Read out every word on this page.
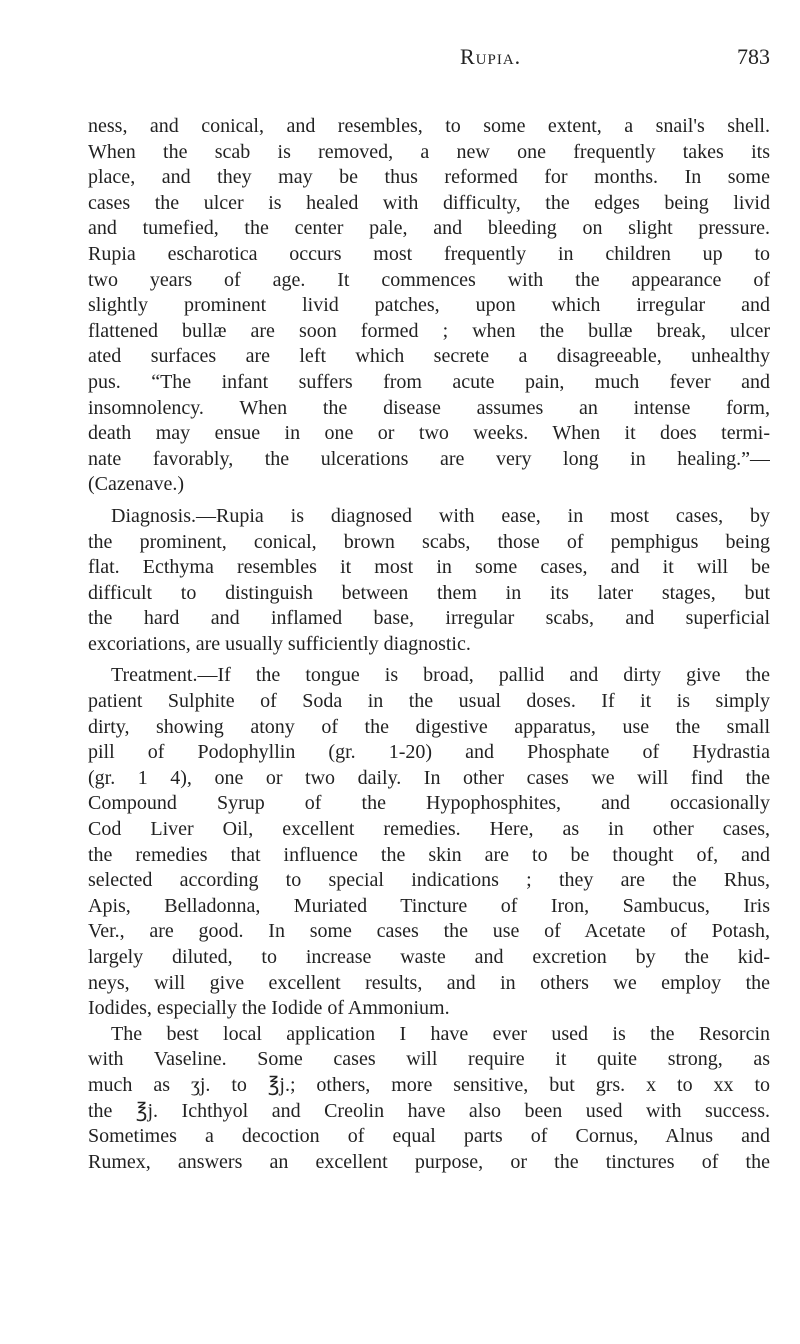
Rupia.	783
ness, and conical, and resembles, to some extent, a snail's shell.
When the scab is removed, a new one frequently takes its
place, and they may be thus reformed for months. In some
cases the ulcer is healed with difficulty, the edges being livid
and tumefied, the center pale, and bleeding on slight pressure.
Rupia escharotica occurs most frequently in children up to
two years of age. It commences with the appearance of
slightly prominent livid patches, upon which irregular and
flattened bullæ are soon formed ; when the bullæ break, ulcer
ated surfaces are left which secrete a disagreeable, unhealthy
pus. “The infant suffers from acute pain, much fever and
insomnolency. When the disease assumes an intense form,
death may ensue in one or two weeks. When it does termi-
nate favorably, the ulcerations are very long in healing.”—
(Cazenave.)
Diagnosis.—Rupia is diagnosed with ease, in most cases, by
the prominent, conical, brown scabs, those of pemphigus being
flat. Ecthyma resembles it most in some cases, and it will be
difficult to distinguish between them in its later stages, but
the hard and inflamed base, irregular scabs, and superficial
excoriations, are usually sufficiently diagnostic.
Treatment.—If the tongue is broad, pallid and dirty give the
patient Sulphite of Soda in the usual doses. If it is simply
dirty, showing atony of the digestive apparatus, use the small
pill of Podophyllin (gr. 1-20) and Phosphate of Hydrastia
(gr. 1 4), one or two daily. In other cases we will find the
Compound Syrup of the Hypophosphites, and occasionally
Cod Liver Oil, excellent remedies. Here, as in other cases,
the remedies that influence the skin are to be thought of, and
selected according to special indications ; they are the Rhus,
Apis, Belladonna, Muriated Tincture of Iron, Sambucus, Iris
Ver., are good. In some cases the use of Acetate of Potash,
largely diluted, to increase waste and excretion by the kid-
neys, will give excellent results, and in others we employ the
Iodides, especially the Iodide of Ammonium.
The best local application I have ever used is the Resorcin
with Vaseline. Some cases will require it quite strong, as
much as ʒj. to ℥j.; others, more sensitive, but grs. x to xx to
the ℥j. Ichthyol and Creolin have also been used with success.
Sometimes a decoction of equal parts of Cornus, Alnus and
Rumex, answers an excellent purpose, or the tinctures of the
